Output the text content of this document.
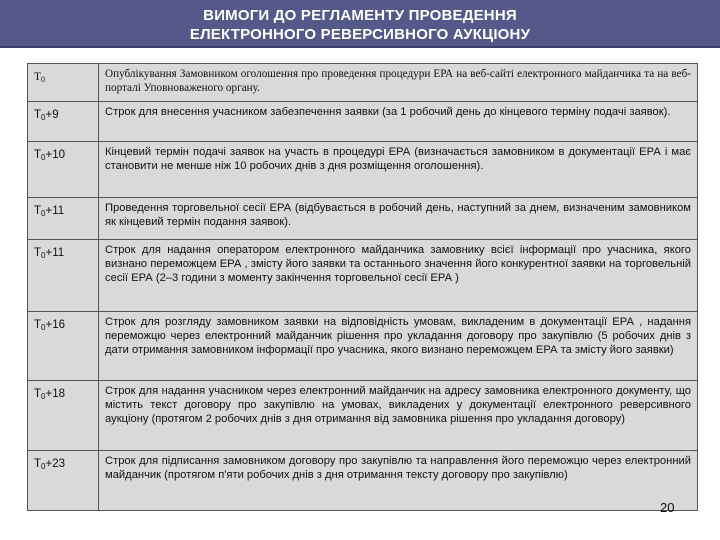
ВИМОГИ ДО РЕГЛАМЕНТУ ПРОВЕДЕННЯ
ЕЛЕКТРОННОГО РЕВЕРСИВНОГО АУКЦІОНУ
$Т_0$	Опублікування Замовником оголошення про проведення процедури ЕРА на веб-сайті електронного майданчика та на веб-порталі Уповноваженого органу.
$Т_0+9$	Строк для внесення учасником забезпечення заявки (за 1 робочий день до кінцевого терміну подачі заявок).
$Т_0+10$	Кінцевий термін подачі заявок на участь в процедурі ЕРА (визначається замовником в документації ЕРА і має становити не менше ніж 10 робочих днів з дня розміщення оголошення).
$Т_0+11$	Проведення торговельної сесії ЕРА (відбувається в робочий день, наступний за днем, визначеним замовником як кінцевий термін подання заявок).
$Т_0+11$	Строк для надання оператором електронного майданчика замовнику всієї інформації про учасника, якого визнано переможцем ЕРА , змісту його заявки та останнього значення його конкурентної заявки на торговельній сесії ЕРА (2–3 години з моменту закінчення торговельної сесії ЕРА )
$Т_0+16$	Строк для розгляду замовником заявки на відповідність умовам, викладеним в документації ЕРА , надання переможцю через електронний майданчик рішення про укладання договору про закупівлю (5 робочих днів з дати отримання замовником інформації про учасника, якого визнано переможцем ЕРА та змісту його заявки)
$Т_0+18$	Строк для надання учасником через електронний майданчик на адресу замовника електронного документу, що містить текст договору про закупівлю на умовах, викладених у документації електронного реверсивного аукціону (протягом 2 робочих днів з дня отримання від замовника рішення про укладання договору)
$Т_0+23$	Строк для підписання замовником договору про закупівлю та направлення його переможцю через електронний майданчик (протягом п'яти робочих днів з дня отримання тексту договору про закупівлю)
20
